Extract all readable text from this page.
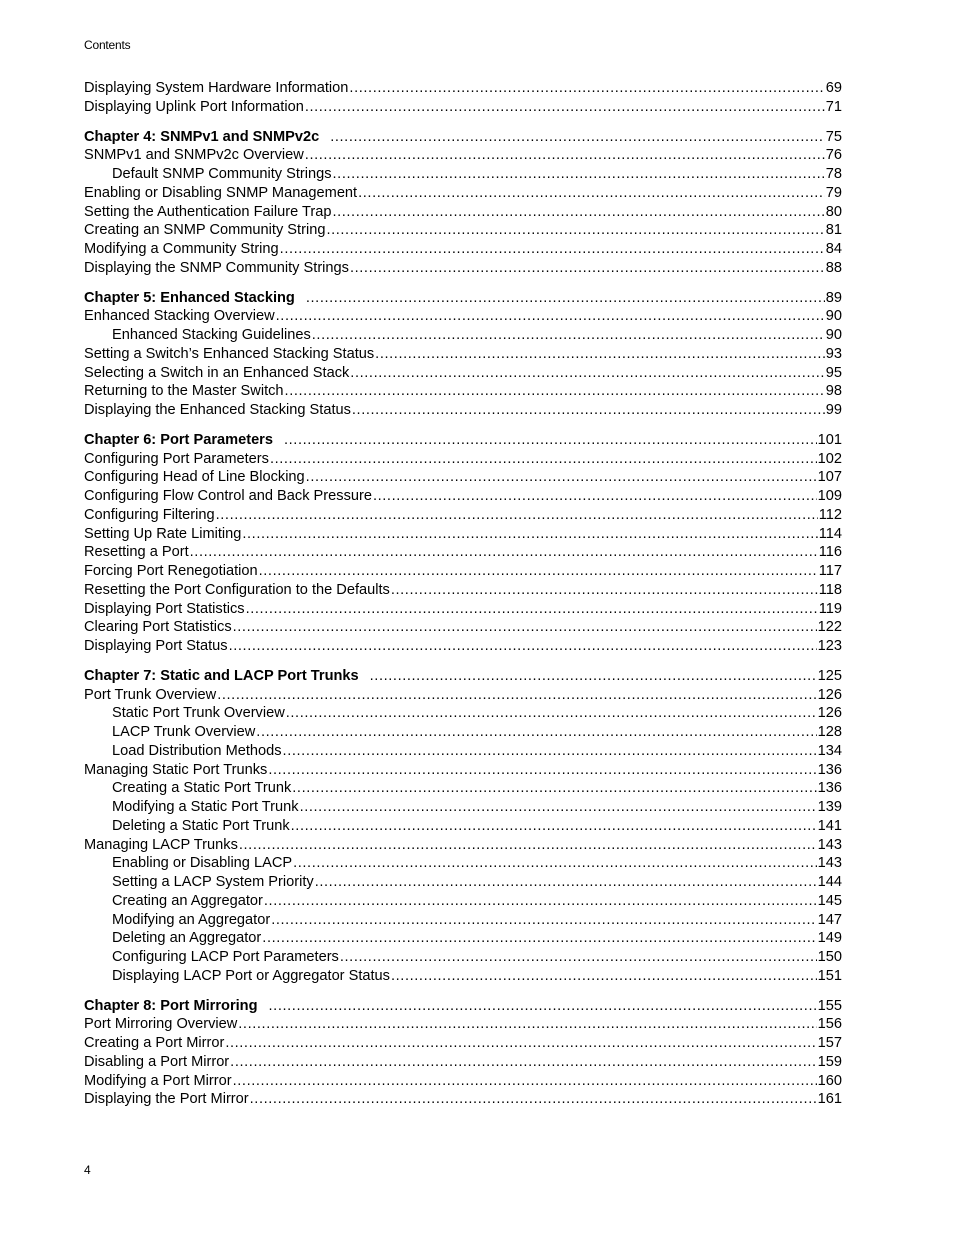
Contents
Displaying System Hardware Information .....	69
Displaying Uplink Port Information .....	71
Chapter 4: SNMPv1 and SNMPv2c .....	75
SNMPv1 and SNMPv2c Overview .....	76
Default SNMP Community Strings .....	78
Enabling or Disabling SNMP Management .....	79
Setting the Authentication Failure Trap .....	80
Creating an SNMP Community String .....	81
Modifying a Community String .....	84
Displaying the SNMP Community Strings .....	88
Chapter 5: Enhanced Stacking .....	89
Enhanced Stacking Overview .....	90
Enhanced Stacking Guidelines .....	90
Setting a Switch’s Enhanced Stacking Status .....	93
Selecting a Switch in an Enhanced Stack .....	95
Returning to the Master Switch .....	98
Displaying the Enhanced Stacking Status .....	99
Chapter 6: Port Parameters .....	101
Configuring Port Parameters .....	102
Configuring Head of Line Blocking .....	107
Configuring Flow Control and Back Pressure .....	109
Configuring Filtering .....	112
Setting Up Rate Limiting .....	114
Resetting a Port .....	116
Forcing Port Renegotiation .....	117
Resetting the Port Configuration to the Defaults .....	118
Displaying Port Statistics .....	119
Clearing Port Statistics .....	122
Displaying Port Status .....	123
Chapter 7: Static and LACP Port Trunks .....	125
Port Trunk Overview .....	126
Static Port Trunk Overview .....	126
LACP Trunk Overview .....	128
Load Distribution Methods .....	134
Managing Static Port Trunks .....	136
Creating a Static Port Trunk .....	136
Modifying a Static Port Trunk .....	139
Deleting a Static Port Trunk .....	141
Managing LACP Trunks .....	143
Enabling or Disabling LACP .....	143
Setting a LACP System Priority .....	144
Creating an Aggregator .....	145
Modifying an Aggregator .....	147
Deleting an Aggregator .....	149
Configuring LACP Port Parameters .....	150
Displaying LACP Port or Aggregator Status .....	151
Chapter 8: Port Mirroring .....	155
Port Mirroring Overview .....	156
Creating a Port Mirror .....	157
Disabling a Port Mirror .....	159
Modifying a Port Mirror .....	160
Displaying the Port Mirror .....	161
4
